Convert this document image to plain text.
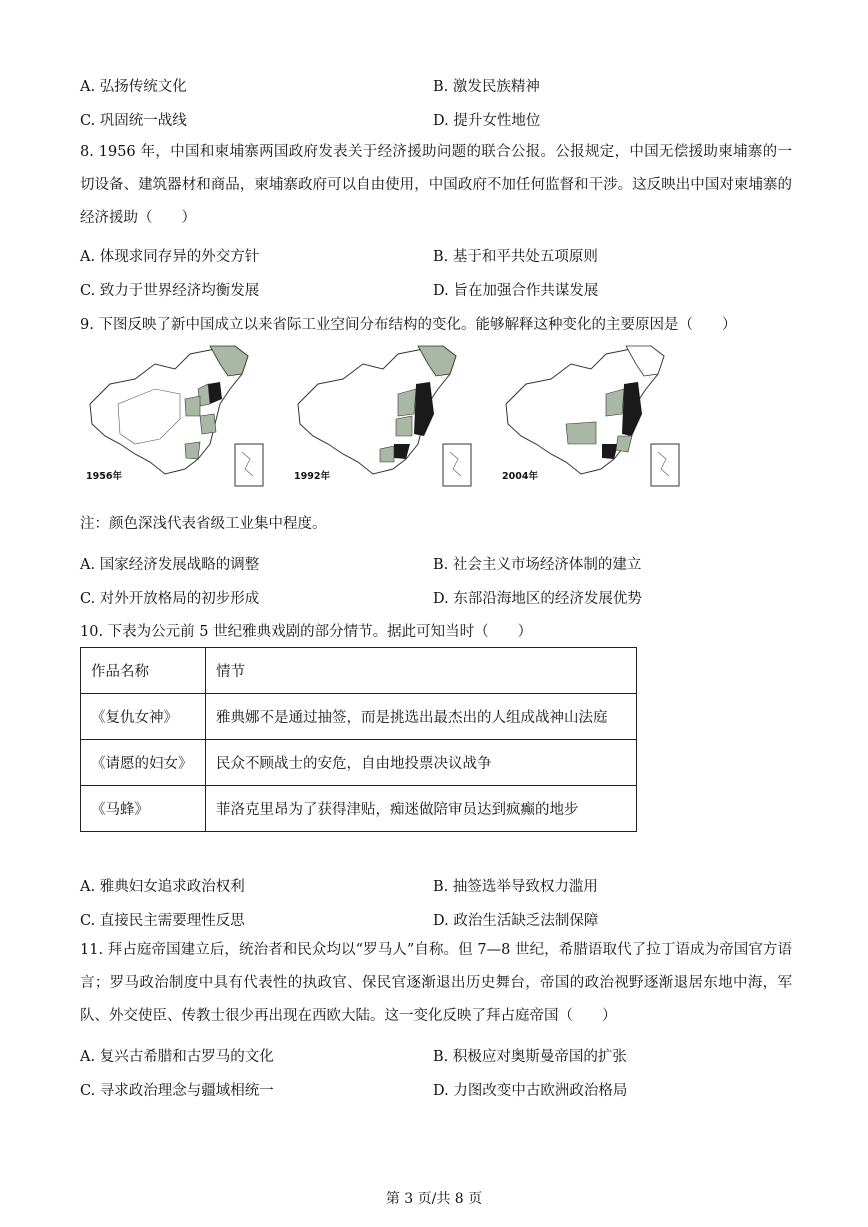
A. 弘扬传统文化	B. 激发民族精神
C. 巩固统一战线	D. 提升女性地位
8. 1956 年，中国和柬埔寨两国政府发表关于经济援助问题的联合公报。公报规定，中国无偿援助柬埔寨的一切设备、建筑器材和商品，柬埔寨政府可以自由使用，中国政府不加任何监督和干涉。这反映出中国对柬埔寨的经济援助（　　）
A. 体现求同存异的外交方针	B. 基于和平共处五项原则
C. 致力于世界经济均衡发展	D. 旨在加强合作共谋发展
9. 下图反映了新中国成立以来省际工业空间分布结构的变化。能够解释这种变化的主要原因是（　　）
1956年	1992年	2004年
注：颜色深浅代表省级工业集中程度。
A. 国家经济发展战略的调整	B. 社会主义市场经济体制的建立
C. 对外开放格局的初步形成	D. 东部沿海地区的经济发展优势
10. 下表为公元前 5 世纪雅典戏剧的部分情节。据此可知当时（　　）
作品名称	情节
《复仇女神》	雅典娜不是通过抽签，而是挑选出最杰出的人组成战神山法庭
《请愿的妇女》	民众不顾战士的安危，自由地投票决议战争
《马蜂》	菲洛克里昂为了获得津贴，痴迷做陪审员达到疯癫的地步
A. 雅典妇女追求政治权利	B. 抽签选举导致权力滥用
C. 直接民主需要理性反思	D. 政治生活缺乏法制保障
11. 拜占庭帝国建立后，统治者和民众均以“罗马人”自称。但 7—8 世纪，希腊语取代了拉丁语成为帝国官方语言；罗马政治制度中具有代表性的执政官、保民官逐渐退出历史舞台，帝国的政治视野逐渐退居东地中海，军队、外交使臣、传教士很少再出现在西欧大陆。这一变化反映了拜占庭帝国（　　）
A. 复兴古希腊和古罗马的文化	B. 积极应对奥斯曼帝国的扩张
C. 寻求政治理念与疆域相统一	D. 力图改变中古欧洲政治格局
第 3 页/共 8 页
